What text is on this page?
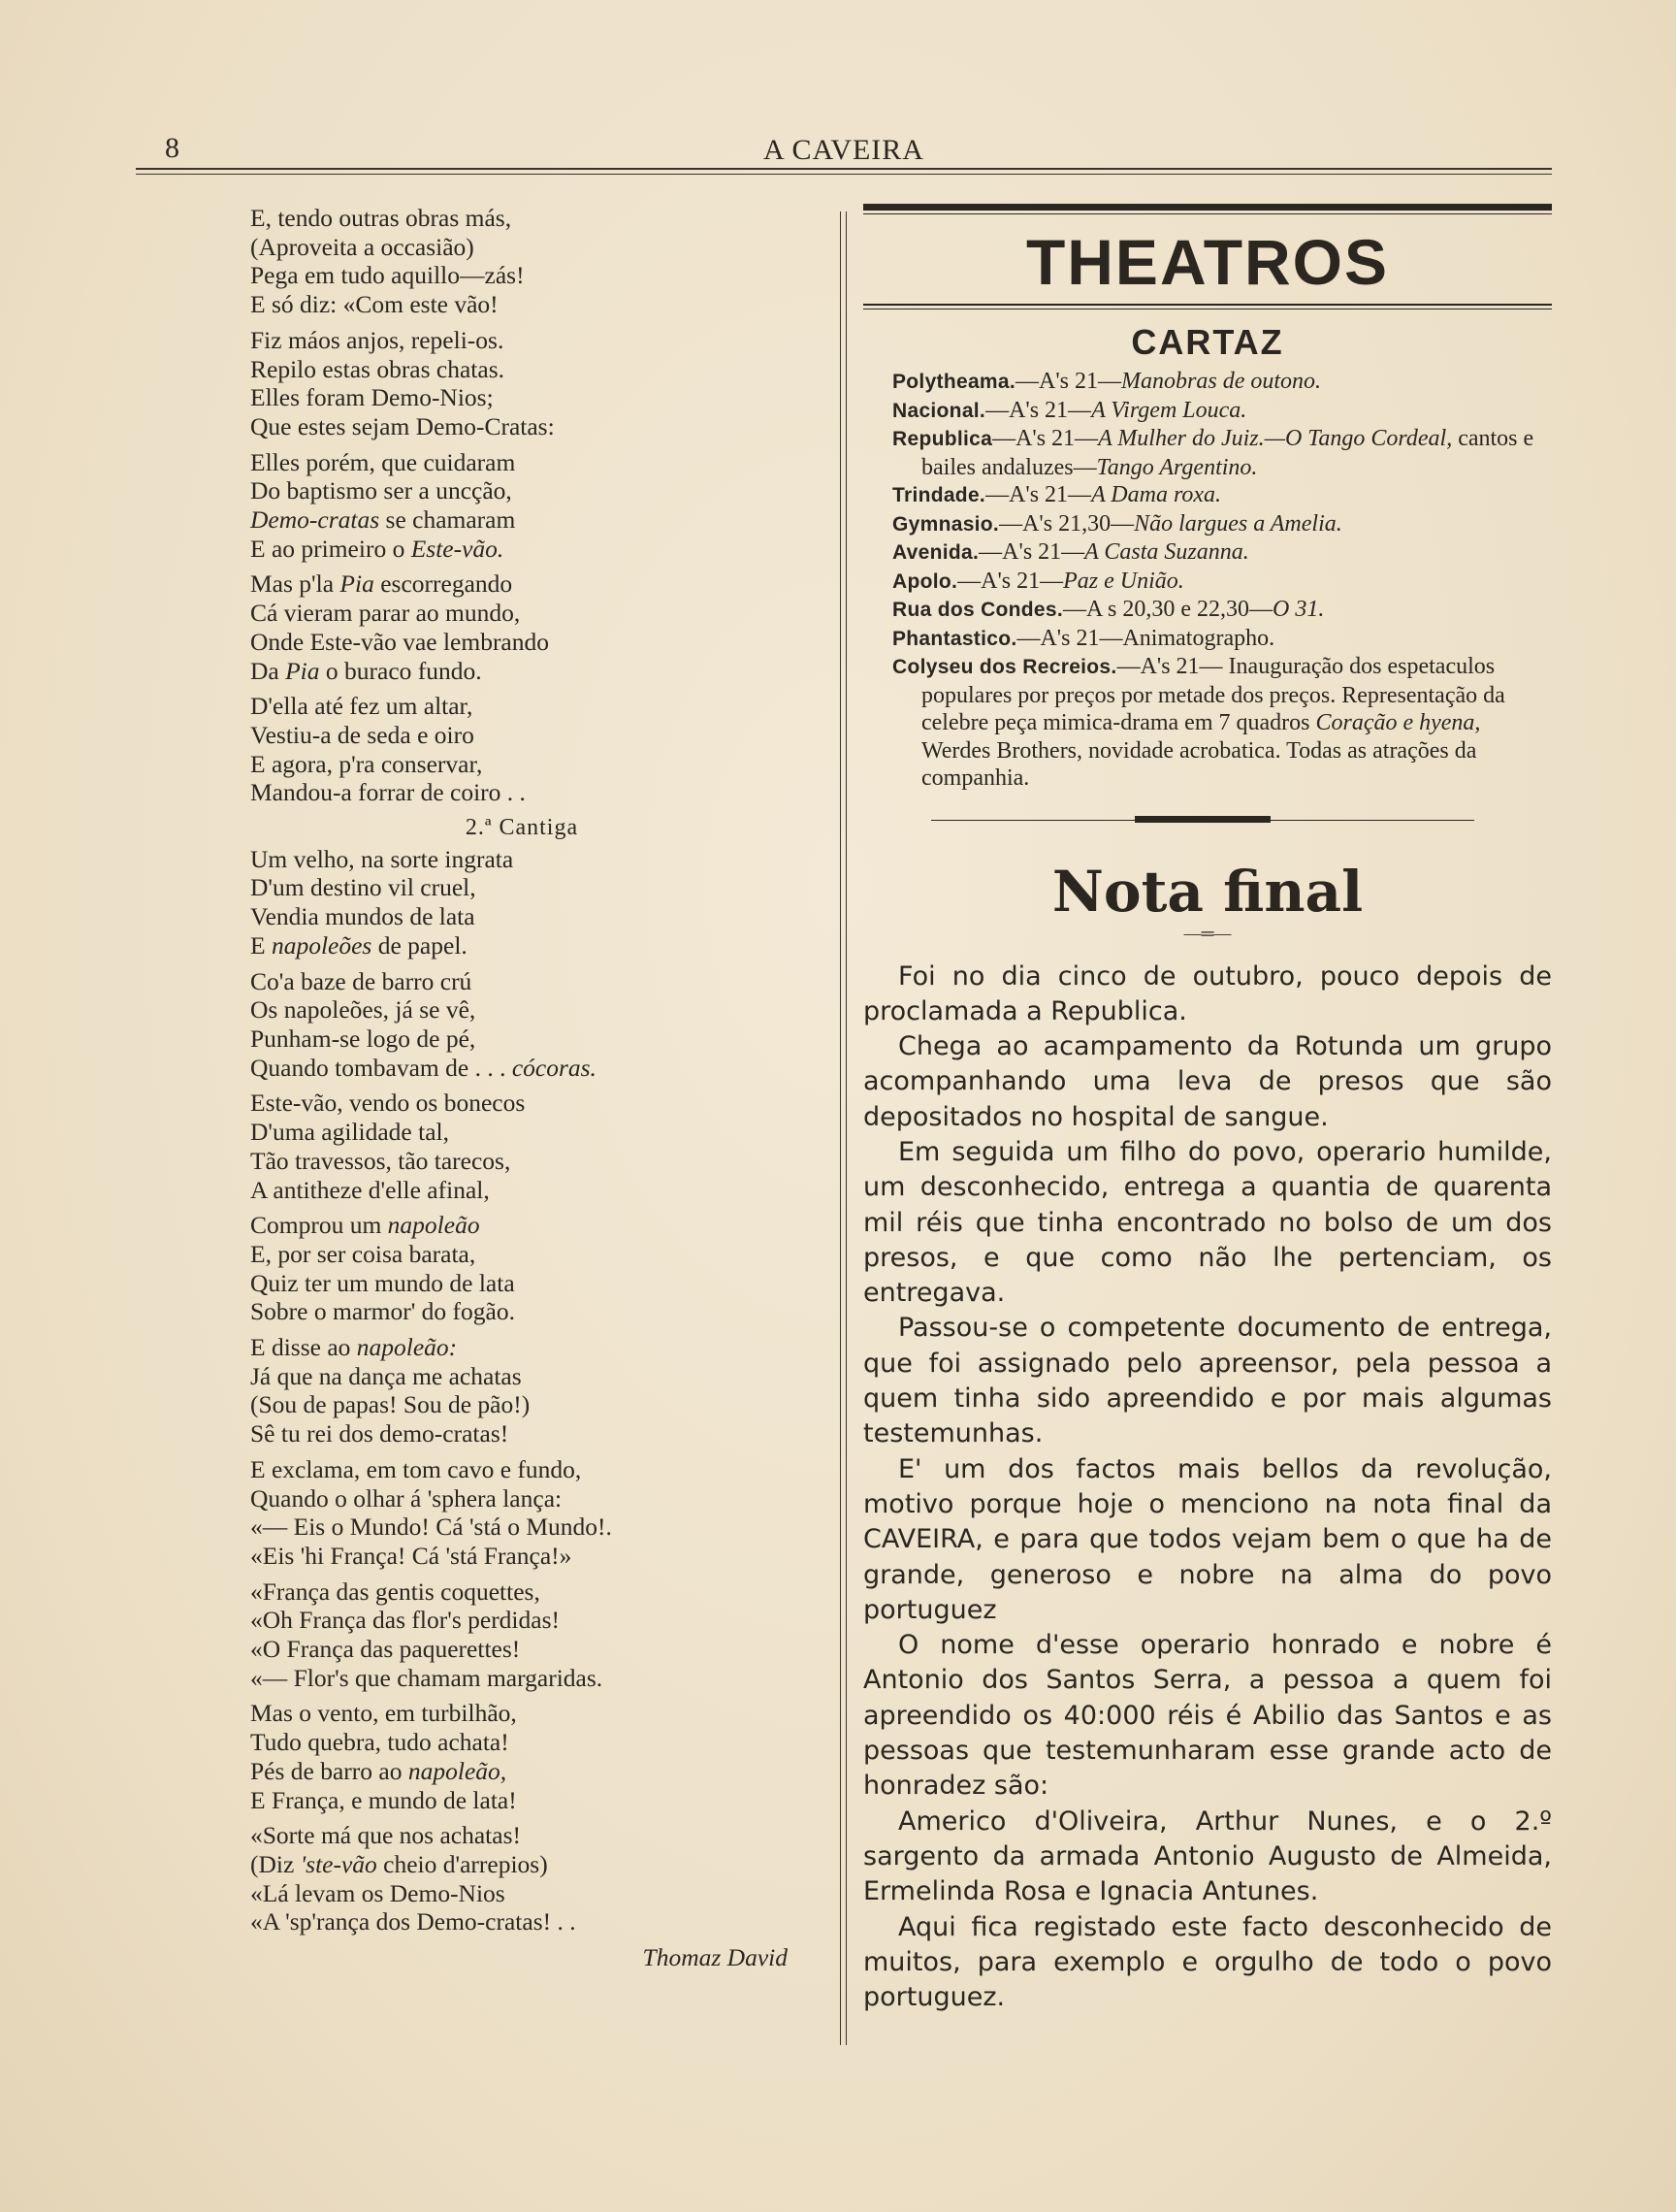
8	A CAVEIRA
E, tendo outras obras más,
(Aproveita a occasião)
Pega em tudo aquillo—zás!
E só diz: «Com este vão!
Fiz máos anjos, repeli-os.
Repilo estas obras chatas.
Elles foram Demo-Nios;
Que estes sejam Demo-Cratas:
Elles porém, que cuidaram
Do baptismo ser a uncção,
Demo-cratas se chamaram
E ao primeiro o Este-vão.
Mas p'la Pia escorregando
Cá vieram parar ao mundo,
Onde Este-vão vae lembrando
Da Pia o buraco fundo.
D'ella até fez um altar,
Vestiu-a de seda e oiro
E agora, p'ra conservar,
Mandou-a forrar de coiro . .
2.ª Cantiga
Um velho, na sorte ingrata
D'um destino vil cruel,
Vendia mundos de lata
E napoleões de papel.
Co'a baze de barro crú
Os napoleões, já se vê,
Punham-se logo de pé,
Quando tombavam de . . . cócoras.
Este-vão, vendo os bonecos
D'uma agilidade tal,
Tão travessos, tão tarecos,
A antitheze d'elle afinal,
Comprou um napoleão
E, por ser coisa barata,
Quiz ter um mundo de lata
Sobre o marmor' do fogão.
E disse ao napoleão:
Já que na dança me achatas
(Sou de papas! Sou de pão!)
Sê tu rei dos demo-cratas!
E exclama, em tom cavo e fundo,
Quando o olhar á 'sphera lança:
«— Eis o Mundo! Cá 'stá o Mundo!.
«Eis 'hi França! Cá 'stá França!»
«França das gentis coquettes,
«Oh França das flor's perdidas!
«O França das paquerettes!
«— Flor's que chamam margaridas.
Mas o vento, em turbilhão,
Tudo quebra, tudo achata!
Pés de barro ao napoleão,
E França, e mundo de lata!
«Sorte má que nos achatas!
(Diz 'ste-vão cheio d'arrepios)
«Lá levam os Demo-Nios
«A 'sp'rança dos Demo-cratas! . .
Thomaz David
THEATROS
CARTAZ
Polytheama.—A's 21—Manobras de outono.
Nacional.—A's 21—A Virgem Louca.
Republica—A's 21—A Mulher do Juiz.—O Tango Cordeal, cantos e bailes andaluzes—Tango Argentino.
Trindade.—A's 21—A Dama roxa.
Gymnasio.—A's 21,30—Não largues a Amelia.
Avenida.—A's 21—A Casta Suzanna.
Apolo.—A's 21—Paz e União.
Rua dos Condes.—A s 20,30 e 22,30—O 31.
Phantastico.—A's 21—Animatographo.
Colyseu dos Recreios.—A's 21— Inauguração dos espetaculos populares por preços por metade dos preços. Representação da celebre peça mimica-drama em 7 quadros Coração e hyena, Werdes Brothers, novidade acrobatica. Todas as atrações da companhia.
Nota final
—═—

Foi no dia cinco de outubro, pouco depois de proclamada a Republica.

Chega ao acampamento da Rotunda um grupo acompanhando uma leva de presos que são depositados no hospital de sangue.

Em seguida um filho do povo, operario humilde, um desconhecido, entrega a quantia de quarenta mil réis que tinha encontrado no bolso de um dos presos, e que como não lhe pertenciam, os entregava.

Passou-se o competente documento de entrega, que foi assignado pelo apreensor, pela pessoa a quem tinha sido apreendido e por mais algumas testemunhas.

E' um dos factos mais bellos da revolução, motivo porque hoje o menciono na nota final da CAVEIRA, e para que todos vejam bem o que ha de grande, generoso e nobre na alma do povo portuguez

O nome d'esse operario honrado e nobre é Antonio dos Santos Serra, a pessoa a quem foi apreendido os 40:000 réis é Abilio das Santos e as pessoas que testemunharam esse grande acto de honradez são:

Americo d'Oliveira, Arthur Nunes, e o 2.º sargento da armada Antonio Augusto de Almeida, Ermelinda Rosa e Ignacia Antunes.

Aqui fica registado este facto desconhecido de muitos, para exemplo e orgulho de todo o povo portuguez.
